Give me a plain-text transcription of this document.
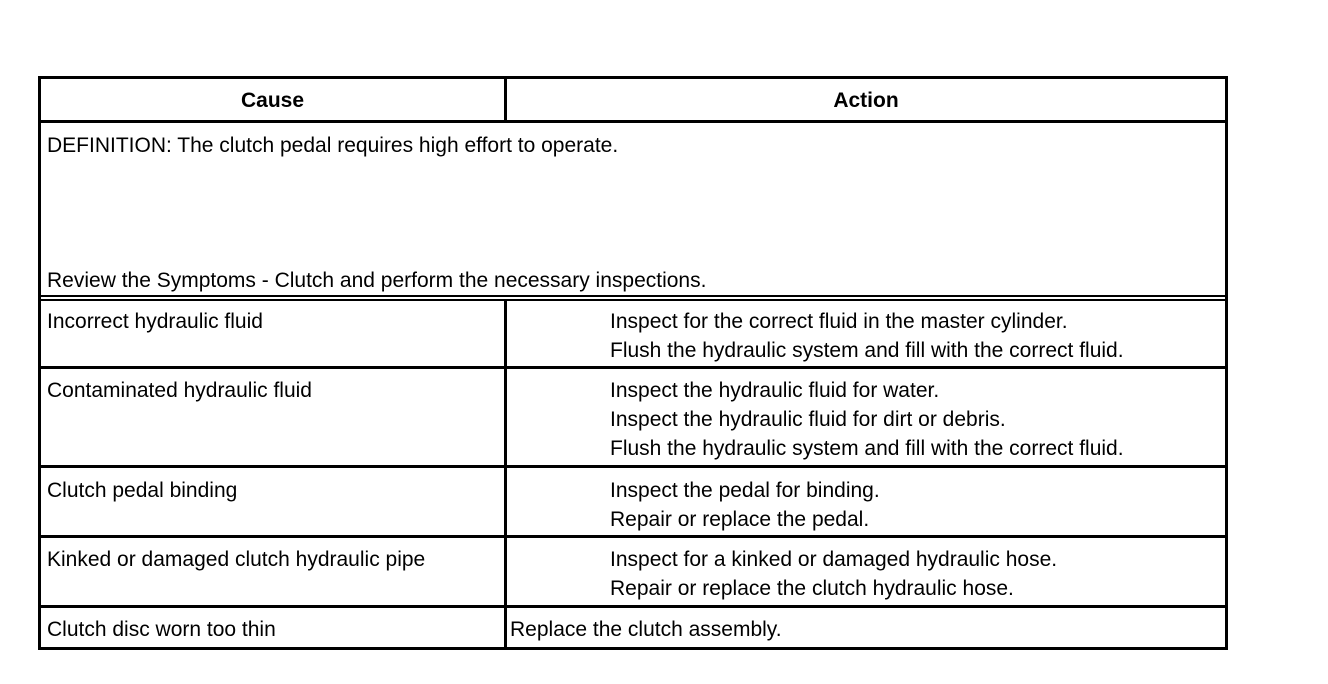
Cause	Action
DEFINITION: The clutch pedal requires high effort to operate.
Review the Symptoms - Clutch and perform the necessary inspections.
Incorrect hydraulic fluid	Inspect for the correct fluid in the master cylinder.
Flush the hydraulic system and fill with the correct fluid.
Contaminated hydraulic fluid	Inspect the hydraulic fluid for water.
Inspect the hydraulic fluid for dirt or debris.
Flush the hydraulic system and fill with the correct fluid.
Clutch pedal binding	Inspect the pedal for binding.
Repair or replace the pedal.
Kinked or damaged clutch hydraulic pipe	Inspect for a kinked or damaged hydraulic hose.
Repair or replace the clutch hydraulic hose.
Clutch disc worn too thin	Replace the clutch assembly.
